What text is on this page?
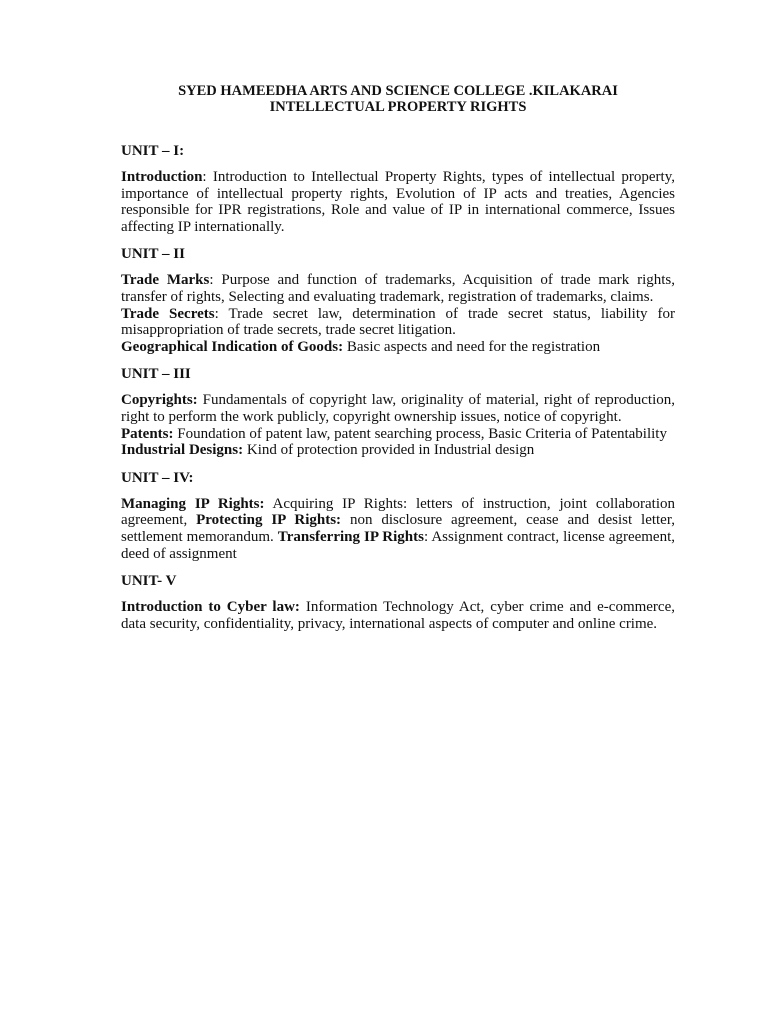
SYED HAMEEDHA ARTS AND SCIENCE COLLEGE .KILAKARAI
INTELLECTUAL PROPERTY RIGHTS
UNIT – I:

Introduction: Introduction to Intellectual Property Rights, types of intellectual property, importance of intellectual property rights, Evolution of IP acts and treaties, Agencies responsible for IPR registrations, Role and value of IP in international commerce, Issues affecting IP internationally.

UNIT – II

Trade Marks: Purpose and function of trademarks, Acquisition of trade mark rights, transfer of rights, Selecting and evaluating trademark, registration of trademarks, claims.

Trade Secrets: Trade secret law, determination of trade secret status, liability for misappropriation of trade secrets, trade secret litigation.

Geographical Indication of Goods: Basic aspects and need for the registration

UNIT – III

Copyrights: Fundamentals of copyright law, originality of material, right of reproduction, right to perform the work publicly, copyright ownership issues, notice of copyright.

Patents: Foundation of patent law, patent searching process, Basic Criteria of Patentability

Industrial Designs: Kind of protection provided in Industrial design

UNIT – IV:

Managing IP Rights: Acquiring IP Rights: letters of instruction, joint collaboration agreement, Protecting IP Rights: non disclosure agreement, cease and desist letter, settlement memorandum. Transferring IP Rights: Assignment contract, license agreement, deed of assignment

UNIT- V

Introduction to Cyber law: Information Technology Act, cyber crime and e-commerce, data security, confidentiality, privacy, international aspects of computer and online crime.
